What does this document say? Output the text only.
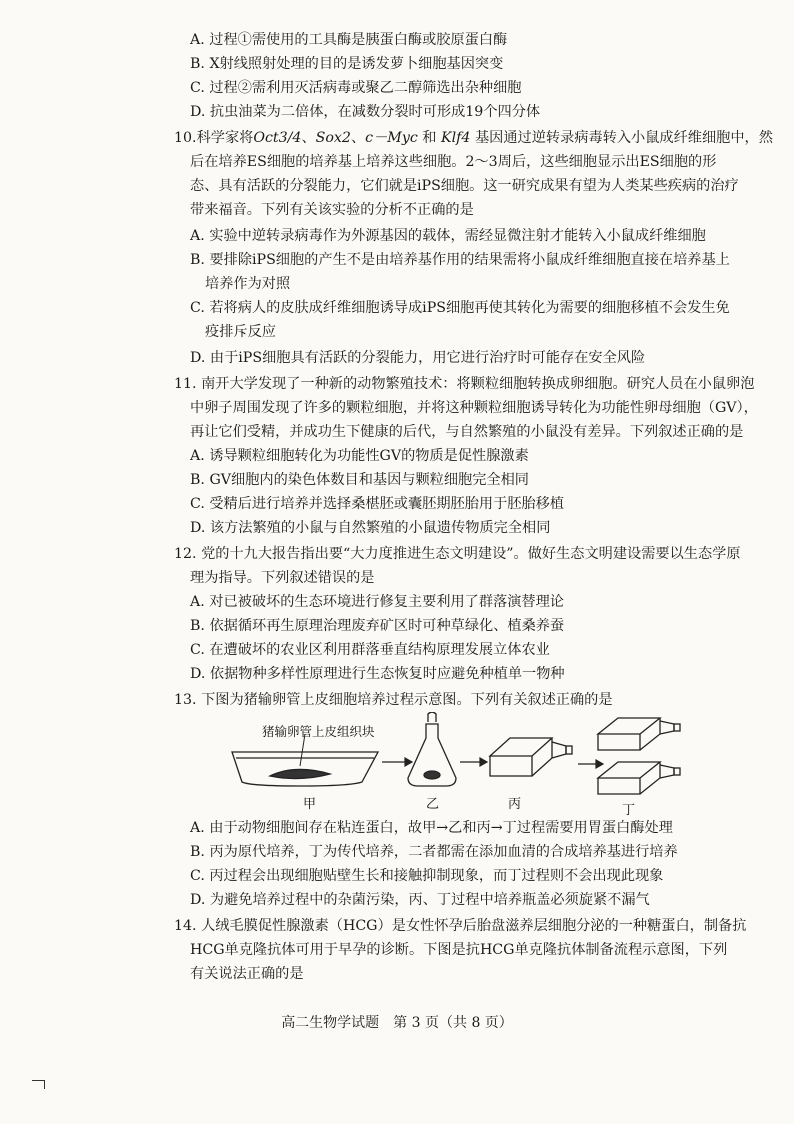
A. 过程①需使用的工具酶是胰蛋白酶或胶原蛋白酶
B. X射线照射处理的目的是诱发萝卜细胞基因突变
C. 过程②需利用灭活病毒或聚乙二醇筛选出杂种细胞
D. 抗虫油菜为二倍体，在减数分裂时可形成19个四分体
10.科学家将Oct3/4、Sox2、c－Myc 和 Klf4 基因通过逆转录病毒转入小鼠成纤维细胞中，然
后在培养ES细胞的培养基上培养这些细胞。2～3周后，这些细胞显示出ES细胞的形
态、具有活跃的分裂能力，它们就是iPS细胞。这一研究成果有望为人类某些疾病的治疗
带来福音。下列有关该实验的分析不正确的是
A. 实验中逆转录病毒作为外源基因的载体，需经显微注射才能转入小鼠成纤维细胞
B. 要排除iPS细胞的产生不是由培养基作用的结果需将小鼠成纤维细胞直接在培养基上
培养作为对照
C. 若将病人的皮肤成纤维细胞诱导成iPS细胞再使其转化为需要的细胞移植不会发生免
疫排斥反应
D. 由于iPS细胞具有活跃的分裂能力，用它进行治疗时可能存在安全风险
11. 南开大学发现了一种新的动物繁殖技术：将颗粒细胞转换成卵细胞。研究人员在小鼠卵泡
中卵子周围发现了许多的颗粒细胞，并将这种颗粒细胞诱导转化为功能性卵母细胞（GV），
再让它们受精，并成功生下健康的后代，与自然繁殖的小鼠没有差异。下列叙述正确的是
A. 诱导颗粒细胞转化为功能性GV的物质是促性腺激素
B. GV细胞内的染色体数目和基因与颗粒细胞完全相同
C. 受精后进行培养并选择桑椹胚或囊胚期胚胎用于胚胎移植
D. 该方法繁殖的小鼠与自然繁殖的小鼠遗传物质完全相同
12. 党的十九大报告指出要“大力度推进生态文明建设”。做好生态文明建设需要以生态学原
理为指导。下列叙述错误的是
A. 对已被破坏的生态环境进行修复主要利用了群落演替理论
B. 依据循环再生原理治理废弃矿区时可种草绿化、植桑养蚕
C. 在遭破坏的农业区利用群落垂直结构原理发展立体农业
D. 依据物种多样性原理进行生态恢复时应避免种植单一物种
13. 下图为猪输卵管上皮细胞培养过程示意图。下列有关叙述正确的是
猪输卵管上皮组织块
甲	乙	丙	丁
A. 由于动物细胞间存在粘连蛋白，故甲→乙和丙→丁过程需要用胃蛋白酶处理
B. 丙为原代培养，丁为传代培养，二者都需在添加血清的合成培养基进行培养
C. 丙过程会出现细胞贴壁生长和接触抑制现象，而丁过程则不会出现此现象
D. 为避免培养过程中的杂菌污染，丙、丁过程中培养瓶盖必须旋紧不漏气
14. 人绒毛膜促性腺激素（HCG）是女性怀孕后胎盘滋养层细胞分泌的一种糖蛋白，制备抗
HCG单克隆抗体可用于早孕的诊断。下图是抗HCG单克隆抗体制备流程示意图，下列
有关说法正确的是
高二生物学试题　第 3 页（共 8 页）
